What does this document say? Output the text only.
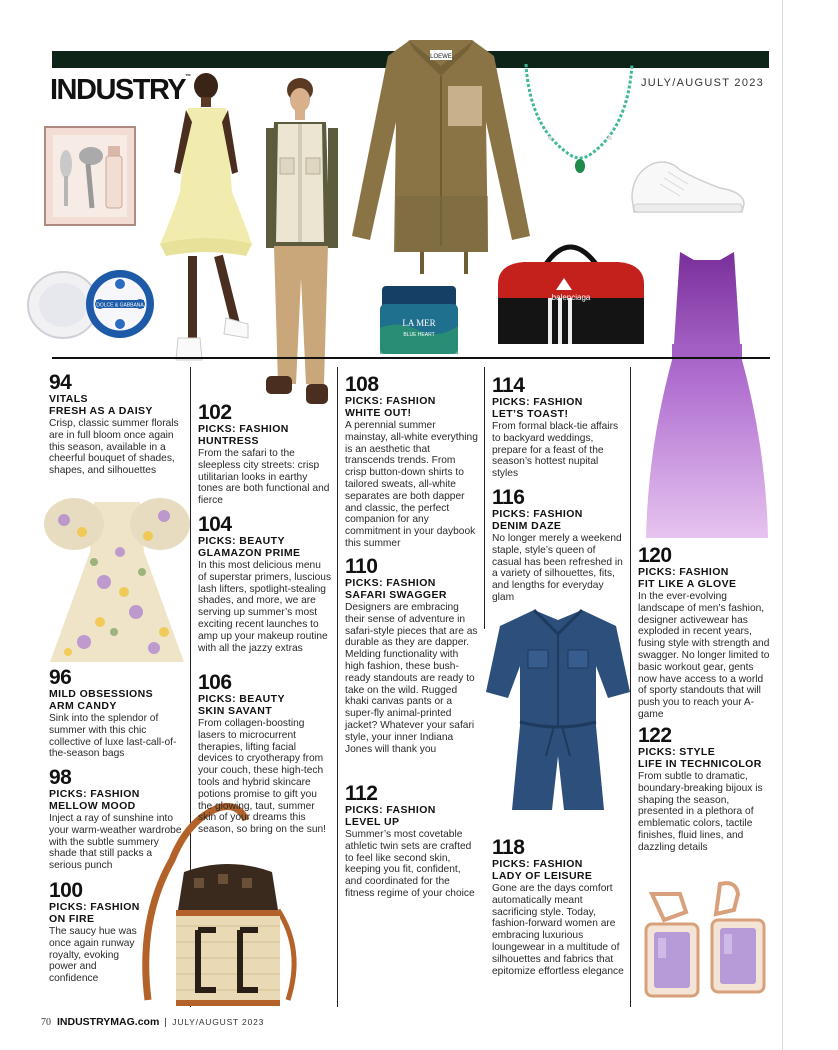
INDUSTRY™	JULY/AUGUST 2023
DOLCE & GABBANA
LOEWE
LA MER
BLUE HEART
balenciaga
94
VITALS
FRESH AS A DAISY
Crisp, classic summer florals are in full bloom once again this season, available in a cheerful bouquet of shades, shapes, and silhouettes
96
MILD OBSESSIONS
ARM CANDY
Sink into the splendor of summer with this chic collective of luxe last-call-of-the-season bags
98
PICKS: FASHION
MELLOW MOOD
Inject a ray of sunshine into your warm-weather wardrobe with the subtle summery shade that still packs a serious punch
100
PICKS: FASHION
ON FIRE
The saucy hue was once again runway royalty, evoking power and confidence
102
PICKS: FASHION
HUNTRESS
From the safari to the sleepless city streets: crisp utilitarian looks in earthy tones are both functional and fierce
104
PICKS: BEAUTY
GLAMAZON PRIME
In this most delicious menu of superstar primers, luscious lash lifters, spotlight-stealing shades, and more, we are serving up summer’s most exciting recent launches to amp up your makeup routine with all the jazzy extras
106
PICKS: BEAUTY
SKIN SAVANT
From collagen-boosting lasers to microcurrent therapies, lifting facial devices to cryotherapy from your couch, these high-tech tools and hybrid skincare potions promise to gift you the glowing, taut, summer skin of your dreams this season, so bring on the sun!
108
PICKS: FASHION
WHITE OUT!
A perennial summer mainstay, all-white everything is an aesthetic that transcends trends. From crisp button-down shirts to tailored sweats, all-white separates are both dapper and classic, the perfect companion for any commitment in your daybook this summer
110
PICKS: FASHION
SAFARI SWAGGER
Designers are embracing their sense of adventure in safari-style pieces that are as durable as they are dapper. Melding functionality with high fashion, these bush-ready standouts are ready to take on the wild. Rugged khaki canvas pants or a super-fly animal-printed jacket? Whatever your safari style, your inner Indiana Jones will thank you
112
PICKS: FASHION
LEVEL UP
Summer’s most covetable athletic twin sets are crafted to feel like second skin, keeping you fit, confident, and coordinated for the fitness regime of your choice
114
PICKS: FASHION
LET’S TOAST!
From formal black-tie affairs to backyard weddings, prepare for a feast of the season’s hottest nupital styles
116
PICKS: FASHION
DENIM DAZE
No longer merely a weekend staple, style’s queen of casual has been refreshed in a variety of silhouettes, fits, and lengths for everyday glam
118
PICKS: FASHION
LADY OF LEISURE
Gone are the days comfort automatically meant sacrificing style. Today, fashion-forward women are embracing luxurious loungewear in a multitude of silhouettes and fabrics that epitomize effortless elegance
120
PICKS: FASHION
FIT LIKE A GLOVE
In the ever-evolving landscape of men’s fashion, designer activewear has exploded in recent years, fusing style with strength and swagger. No longer limited to basic workout gear, gents now have access to a world of sporty standouts that will push you to reach your A-game
122
PICKS: STYLE
LIFE IN TECHNICOLOR
From subtle to dramatic, boundary-breaking bijoux is shaping the season, presented in a plethora of emblematic colors, tactile finishes, fluid lines, and dazzling details
70 INDUSTRYMAG.com JULY/AUGUST 2023
